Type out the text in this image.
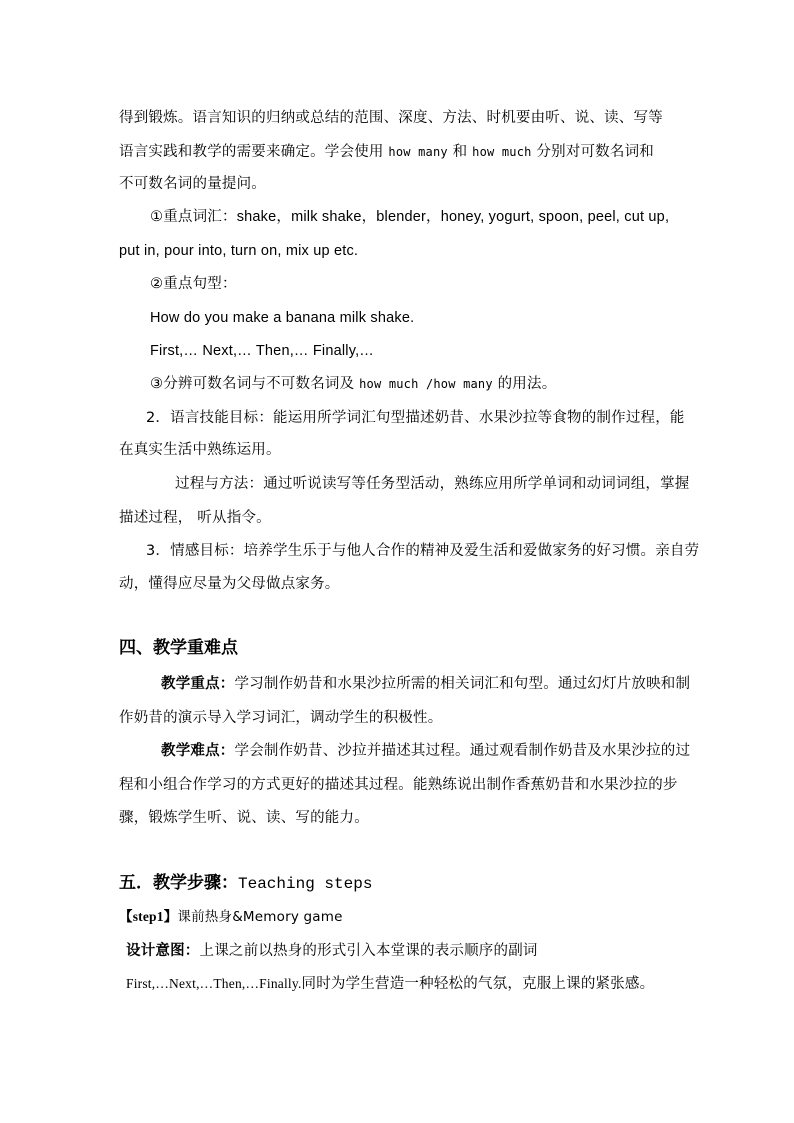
得到锻炼。语言知识的归纳或总结的范围、深度、方法、时机要由听、说、读、写等
语言实践和教学的需要来确定。学会使用 how many 和 how much 分别对可数名词和
不可数名词的量提问。
①重点词汇：shake，milk shake，blender，honey, yogurt, spoon, peel, cut up,
put in, pour into, turn on, mix up etc.
②重点句型：
How do you make a banana milk shake.
First,… Next,… Then,… Finally,…
③分辨可数名词与不可数名词及 how much /how many 的用法。
2．语言技能目标：能运用所学词汇句型描述奶昔、水果沙拉等食物的制作过程，能
在真实生活中熟练运用。
过程与方法：通过听说读写等任务型活动，熟练应用所学单词和动词词组，掌握
描述过程， 听从指令。
3．情感目标：培养学生乐于与他人合作的精神及爱生活和爱做家务的好习惯。亲自劳
动，懂得应尽量为父母做点家务。
四、教学重难点
教学重点：学习制作奶昔和水果沙拉所需的相关词汇和句型。通过幻灯片放映和制
作奶昔的演示导入学习词汇，调动学生的积极性。
教学难点：学会制作奶昔、沙拉并描述其过程。通过观看制作奶昔及水果沙拉的过
程和小组合作学习的方式更好的描述其过程。能熟练说出制作香蕉奶昔和水果沙拉的步
骤，锻炼学生听、说、读、写的能力。
五．教学步骤：Teaching steps
【step1】课前热身&Memory game
设计意图：上课之前以热身的形式引入本堂课的表示顺序的副词
First,…Next,…Then,…Finally.同时为学生营造一种轻松的气氛，克服上课的紧张感。
